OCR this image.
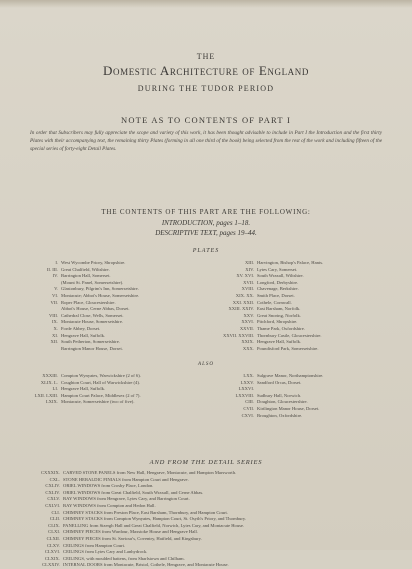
THE
Domestic Architecture of England
DURING THE TUDOR PERIOD
NOTE AS TO CONTENTS OF PART I
In order that Subscribers may fully appreciate the scope and variety of this work, it has been thought advisable to include in Part I the Introduction and the first thirty Plates with their accompanying text, the remaining thirty Plates (forming in all one third of the book) being selected from the rest of the work and including fifteen of the special series of forty-eight Detail Plates.
THE CONTENTS OF THIS PART ARE THE FOLLOWING:
INTRODUCTION, pages 1–18.
DESCRIPTIVE TEXT, pages 19–44.
PLATES
I. West Wycombe Priory, Shropshire.
II. III. Great Chalfield, Wiltshire.
IV. Barrington Hall, Somerset.
(Mount St. Panel, Somersetshire).
V. Glastonbury, Pilgrim's Inn, Somersetshire.
VI. Montacute; Abbot's House, Somersetshire.
VII. Roper Place, Gloucestershire.
Abbot's House, Cerne Abbas, Dorset.
VIII. Cathedral Close, Wells, Somerset.
IX. Montacute House, Somersetshire.
X. Forde Abbey, Dorset.
XI. Hengrave Hall, Suffolk.
XII. South Petherton, Somersetshire.
Barrington Manor House, Dorset.
XIII. Harvington, Bishop's Palace, Hants.
XIV. Lytes Cary, Somerset.
XV. XVI. South Wraxall, Wiltshire.
XVII. Longford, Derbyshire.
XVIII. Chavenage, Berkshire.
XIX. XX. Smith Place, Dorset.
XXI. XXII. Cothele, Cornwall.
XXIII. XXIV. East Barsham, Norfolk.
XXV. Great Snoring, Norfolk.
XXVI. Pitchford, Shropshire.
XXVII. Thame Park, Oxfordshire.
XXVII. XXVIII. Thornbury Castle, Gloucestershire.
XXIX. Hengrave Hall, Suffolk.
XXX. Poundisford Park, Somersetshire.
ALSO
XXXIII. Compton Wynyates, Warwickshire (2 of 6).
XLIX. L. Coughton Court, Hall of Warwickshire (4).
LI. Hengrave Hall, Suffolk.
LXII. LXIII. Hampton Court Palace, Middlesex (2 of 7).
LXIX. Montacute, Somersetshire (two of five).
LXX. Sulgrave Manor, Northamptonshire.
LXXV. Sandford Orcas, Dorset.
LXXVI.
LXXVIII. Sudbury Hall, Norwich.
CIII. Doughton, Gloucestershire.
CVII. Kirtlington Manor House, Dorset.
CXVI. Broughton, Oxfordshire.
AND FROM THE DETAIL SERIES
CXXXIX. CARVED STONE PANELS from New Hall, Hengrave, Montacute, and Hampton Marsworth.
CXL. STONE HERALDIC FINIALS from Hampton Court and Hengrave.
CXLIV. ORIEL WINDOWS from Crosby Place, London.
CXLIV. ORIEL WINDOWS from Great Chalfield, South Wraxall, and Cerne Abbas.
CXLV. BAY WINDOWS from Hengrave, Lytes Cary, and Barrington Court.
CXLVI. BAY WINDOWS from Compton and Hedon Hall.
CLI. CHIMNEY STACKS from Preston Place, East Barsham, Thornbury, and Hampton Court.
CLII. CHIMNEY STACKS from Compton Wynyates, Hampton Court, St. Osyth's Priory, and Thornbury.
CLIX. PANELLING from Sizergh Hall and Great Chalfield, Norwich, Lytes Cary, and Montacute House.
CLXI. CHIMNEY PIECES from Wardour, Maxstoke House and Hengrave Hall.
CLXII. CHIMNEY PIECES from St. Saviour's, Coventry, Hatfield, and Kingsbury.
CLXV. CEILINGS from Hampton Court.
CLXVI. CEILINGS from Lytes Cary and Lanhydrock.
CLXIX. CEILINGS, with moulded battens, from Sharlstown and Chilham.
CLXXIV. INTERNAL DOORS from Montacute, Bristol, Cothele, Hengrave, and Montacute House.
